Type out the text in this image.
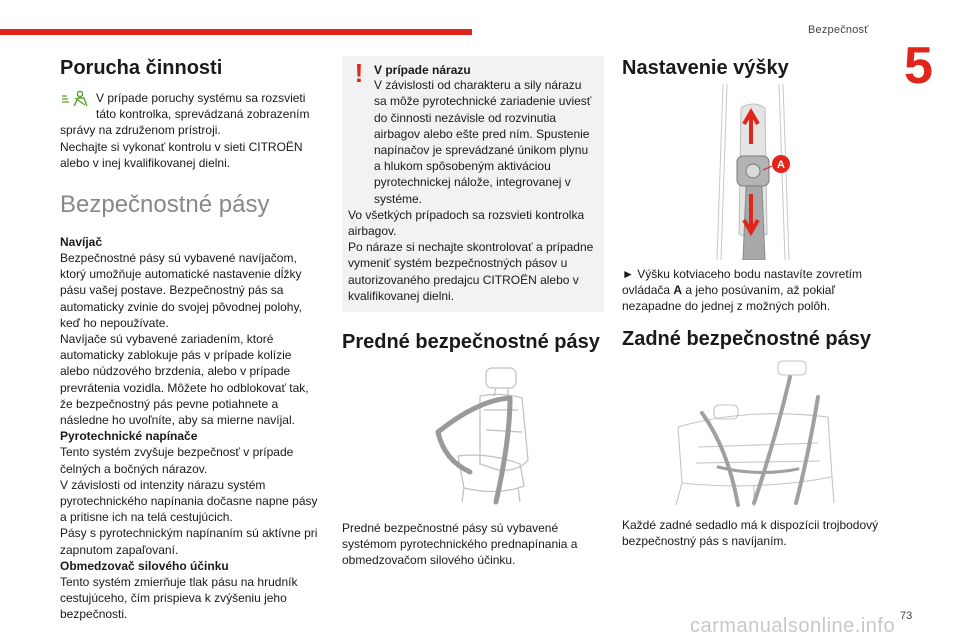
Bezpečnosť
5
Porucha činnosti

V prípade poruchy systému sa rozsvieti táto kontrolka, sprevádzaná zobrazením správy na združenom prístroji.

Nechajte si vykonať kontrolu v sieti CITROËN alebo v inej kvalifikovanej dielni.

Bezpečnostné pásy

Navíjač

Bezpečnostné pásy sú vybavené navíjačom, ktorý umožňuje automatické nastavenie dĺžky pásu vašej postave. Bezpečnostný pás sa automaticky zvinie do svojej pôvodnej polohy, keď ho nepoužívate.

Navíjače sú vybavené zariadením, ktoré automaticky zablokuje pás v prípade kolízie alebo núdzového brzdenia, alebo v prípade prevrátenia vozidla. Môžete ho odblokovať tak, že bezpečnostný pás pevne potiahnete a následne ho uvoľníte, aby sa mierne navíjal.

Pyrotechnické napínače

Tento systém zvyšuje bezpečnosť v prípade čelných a bočných nárazov.

V závislosti od intenzity nárazu systém pyrotechnického napínania dočasne napne pásy a pritisne ich na telá cestujúcich.

Pásy s pyrotechnickým napínaním sú aktívne pri zapnutom zapaľovaní.

Obmedzovač silového účinku

Tento systém zmierňuje tlak pásu na hrudník cestujúceho, čím prispieva k zvýšeniu jeho bezpečnosti.

! V prípade nárazu

V závislosti od charakteru a sily nárazu sa môže pyrotechnické zariadenie uviesť do činnosti nezávisle od rozvinutia airbagov alebo ešte pred ním. Spustenie napínačov je sprevádzané únikom plynu a hlukom spôsobeným aktiváciou pyrotechnickej nálože, integrovanej v systéme.

Vo všetkých prípadoch sa rozsvieti kontrolka airbagov.

Po náraze si nechajte skontrolovať a prípadne vymeniť systém bezpečnostných pásov u autorizovaného predajcu CITROËN alebo v kvalifikovanej dielni.

Predné bezpečnostné pásy

Predné bezpečnostné pásy sú vybavené systémom pyrotechnického prednapínania a obmedzovačom silového účinku.

Nastavenie výšky
A

► Výšku kotviaceho bodu nastavíte zovretím ovládača A a jeho posúvaním, až pokiaľ nezapadne do jednej z možných polôh.

Zadné bezpečnostné pásy

Každé zadné sedadlo má k dispozícii trojbodový bezpečnostný pás s navíjaním.

carmanualsonline.info 73
